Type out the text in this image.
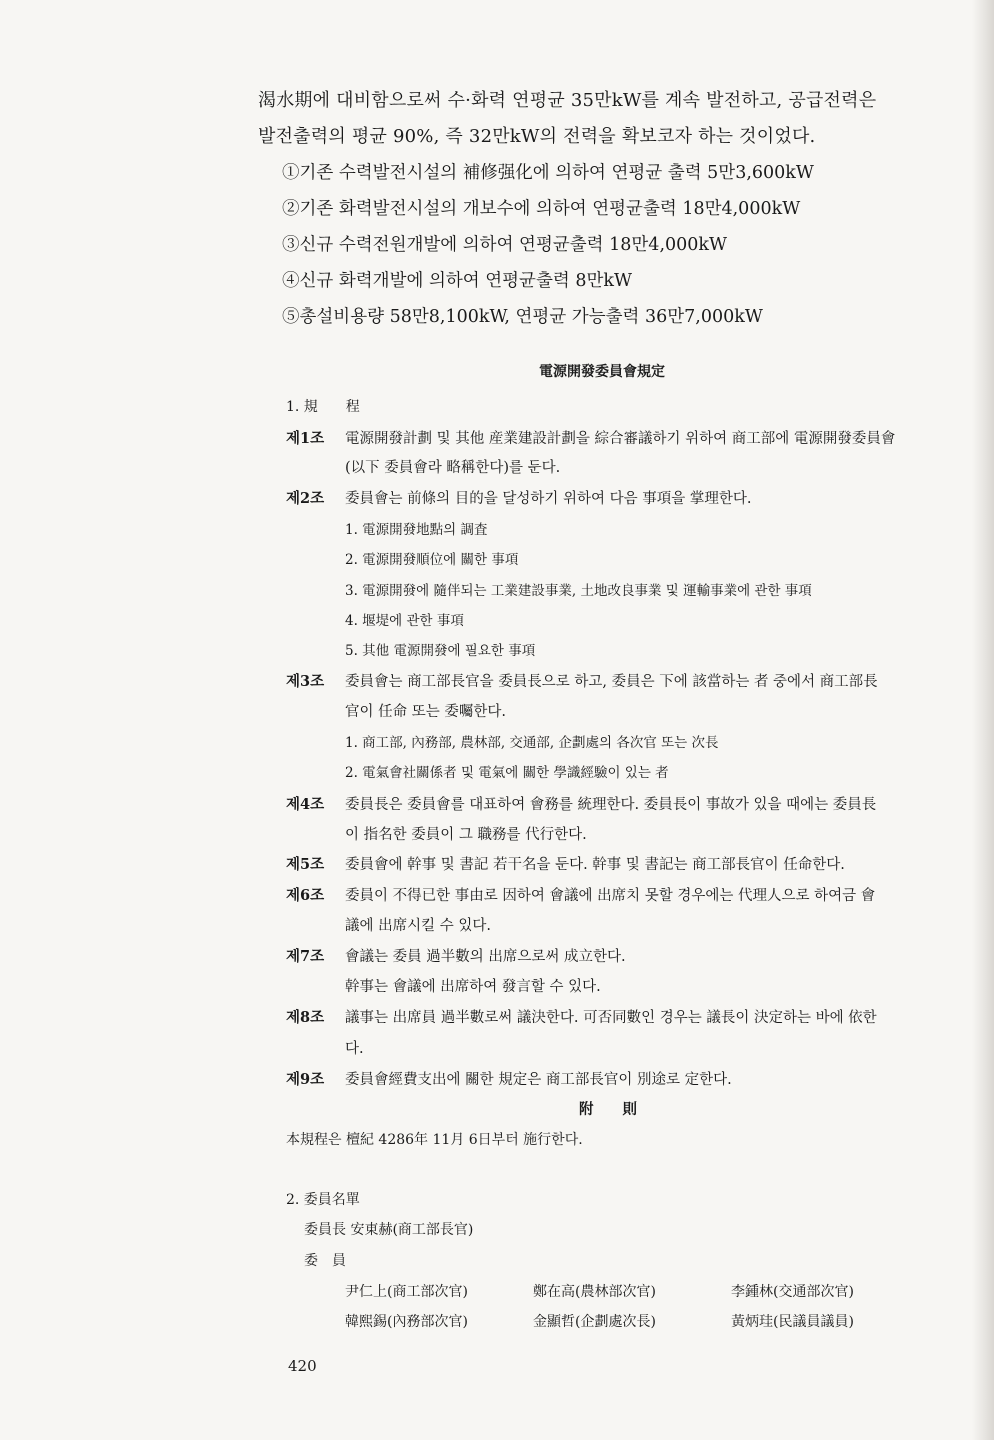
渴水期에 대비함으로써 수·화력 연평균 35만kW를 계속 발전하고, 공급전력은
발전출력의 평균 90%, 즉 32만kW의 전력을 확보코자 하는 것이었다.
①기존 수력발전시설의 補修强化에 의하여 연평균 출력 5만3,600kW
②기존 화력발전시설의 개보수에 의하여 연평균출력 18만4,000kW
③신규 수력전원개발에 의하여 연평균출력 18만4,000kW
④신규 화력개발에 의하여 연평균출력 8만kW
⑤총설비용량 58만8,100kW, 연평균 가능출력 36만7,000kW
電源開發委員會規定
1. 規　　程
제1조 電源開發計劃 및 其他 産業建設計劃을 綜合審議하기 위하여 商工部에 電源開發委員會
(以下 委員會라 略稱한다)를 둔다.
제2조 委員會는 前條의 目的을 달성하기 위하여 다음 事項을 掌理한다.
1. 電源開發地點의 調査
2. 電源開發順位에 關한 事項
3. 電源開發에 隨伴되는 工業建設事業, 土地改良事業 및 運輸事業에 관한 事項
4. 堰堤에 관한 事項
5. 其他 電源開發에 필요한 事項
제3조 委員會는 商工部長官을 委員長으로 하고, 委員은 下에 該當하는 者 중에서 商工部長
官이 任命 또는 委囑한다.
1. 商工部, 內務部, 農林部, 交通部, 企劃處의 各次官 또는 次長
2. 電氣會社關係者 및 電氣에 關한 學識經驗이 있는 者
제4조 委員長은 委員會를 대표하여 會務를 統理한다. 委員長이 事故가 있을 때에는 委員長
이 指名한 委員이 그 職務를 代行한다.
제5조 委員會에 幹事 및 書記 若干名을 둔다. 幹事 및 書記는 商工部長官이 任命한다.
제6조 委員이 不得已한 事由로 因하여 會議에 出席치 못할 경우에는 代理人으로 하여금 會
議에 出席시킬 수 있다.
제7조 會議는 委員 過半數의 出席으로써 成立한다.
幹事는 會議에 出席하여 發言할 수 있다.
제8조 議事는 出席員 過半數로써 議決한다. 可否同數인 경우는 議長이 決定하는 바에 依한
다.
제9조 委員會經費支出에 關한 規定은 商工部長官이 別途로 定한다.
附　　則
本規程은 檀紀 4286年 11月 6日부터 施行한다.
2. 委員名單
委員長 安東赫(商工部長官)
委　員
尹仁上(商工部次官)	鄭在高(農林部次官)	李鍾林(交通部次官)
韓熙錫(內務部次官)	金顯哲(企劃處次長)	黃炳珪(民議員議員)
420
